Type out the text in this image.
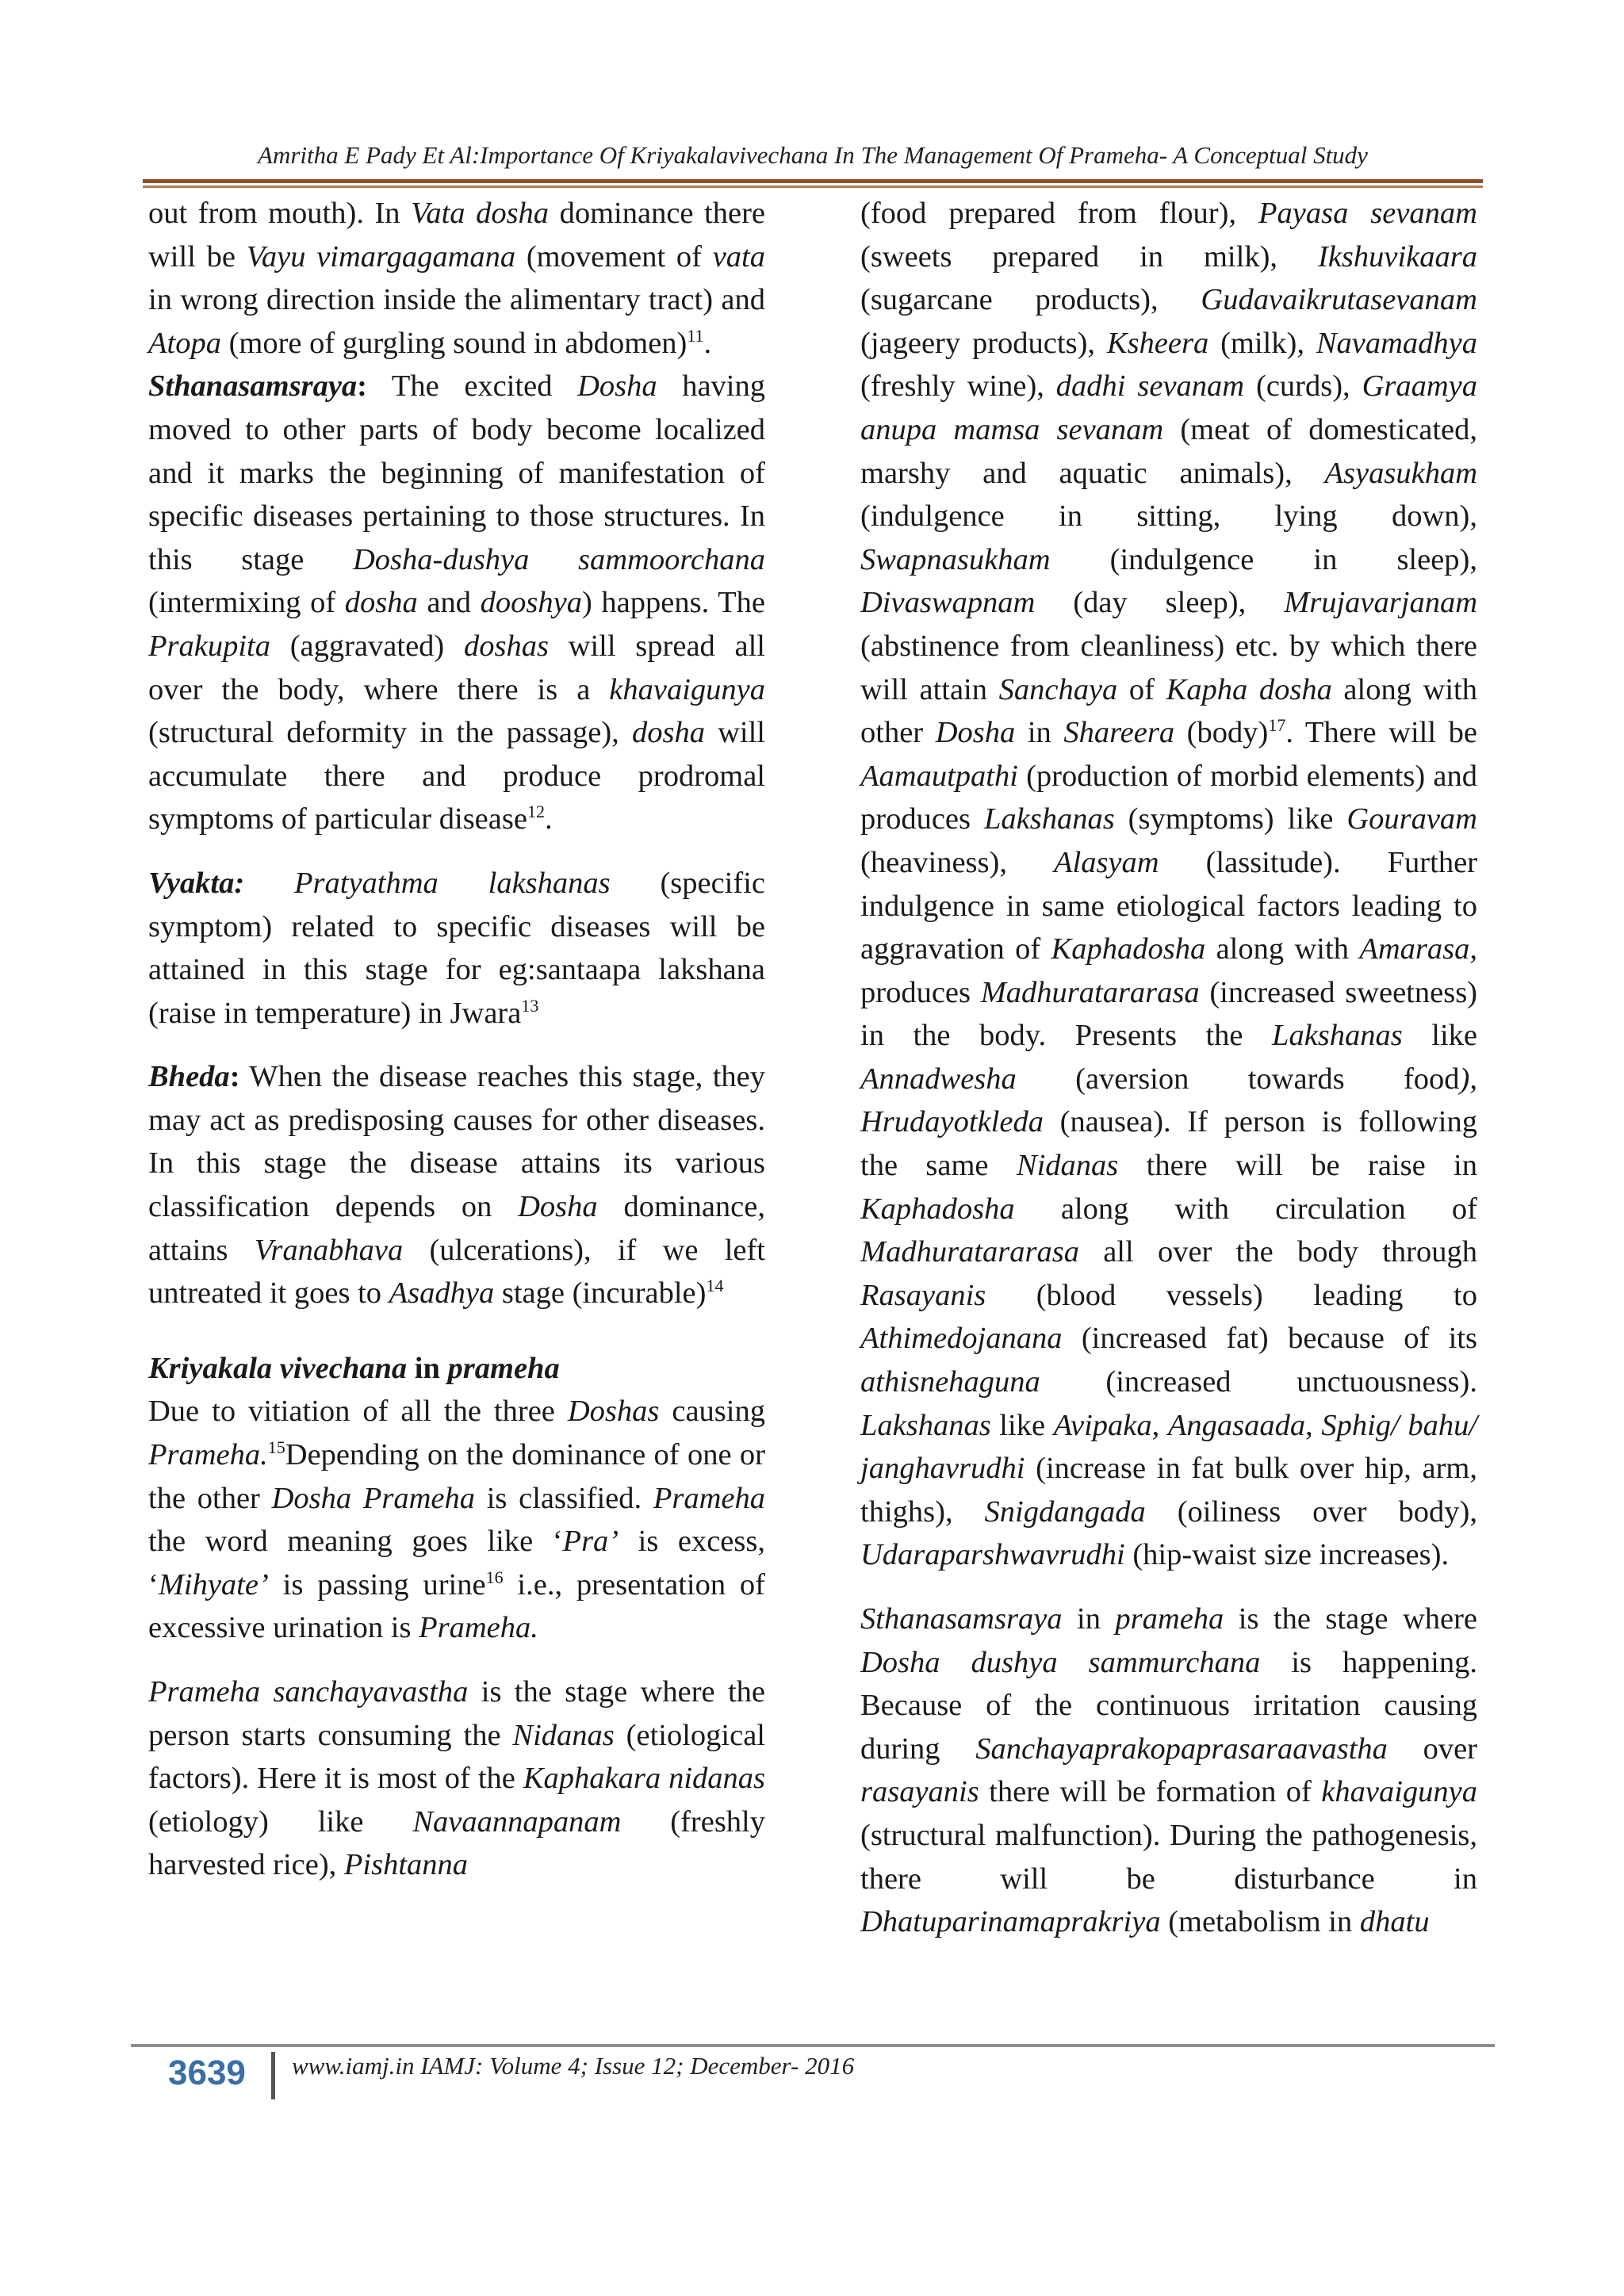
Amritha E Pady Et Al:Importance Of Kriyakalavivechana In The Management Of Prameha- A Conceptual Study

out from mouth). In Vata dosha dominance there will be Vayu vimargagamana (movement of vata in wrong direction inside the alimentary tract) and Atopa (more of gurgling sound in abdomen)$^{11}$.

Sthanasamsraya: The excited Dosha having moved to other parts of body become localized and it marks the beginning of manifestation of specific diseases pertaining to those structures. In this stage Dosha-dushya sammoorchana (intermixing of dosha and dooshya) happens. The Prakupita (aggravated) doshas will spread all over the body, where there is a khavaigunya (structural deformity in the passage), dosha will accumulate there and produce prodromal symptoms of particular disease$^{12}$.

Vyakta: Pratyathma lakshanas (specific symptom) related to specific diseases will be attained in this stage for eg:santaapa lakshana (raise in temperature) in Jwara$^{13}$

Bheda: When the disease reaches this stage, they may act as predisposing causes for other diseases. In this stage the disease attains its various classification depends on Dosha dominance, attains Vranabhava (ulcerations), if we left untreated it goes to Asadhya stage (incurable)$^{14}$

Kriyakala vivechana in prameha

Due to vitiation of all the three Doshas causing Prameha.$^{15}$Depending on the dominance of one or the other Dosha Prameha is classified. Prameha the word meaning goes like ‘Pra’ is excess, ‘Mihyate’ is passing urine$^{16}$ i.e., presentation of excessive urination is Prameha.

Prameha sanchayavastha is the stage where the person starts consuming the Nidanas (etiological factors). Here it is most of the Kaphakara nidanas (etiology) like Navaannapanam (freshly harvested rice), Pishtanna

(food prepared from flour), Payasa sevanam (sweets prepared in milk), Ikshuvikaara (sugarcane products), Gudavaikrutasevanam (jageery products), Ksheera (milk), Navamadhya (freshly wine), dadhi sevanam (curds), Graamya anupa mamsa sevanam (meat of domesticated, marshy and aquatic animals), Asyasukham (indulgence in sitting, lying down), Swapnasukham (indulgence in sleep), Divaswapnam (day sleep), Mrujavarjanam (abstinence from cleanliness) etc. by which there will attain Sanchaya of Kapha dosha along with other Dosha in Shareera (body)$^{17}$. There will be Aamautpathi (production of morbid elements) and produces Lakshanas (symptoms) like Gouravam (heaviness), Alasyam (lassitude). Further indulgence in same etiological factors leading to aggravation of Kaphadosha along with Amarasa, produces Madhuratararasa (increased sweetness) in the body. Presents the Lakshanas like Annadwesha (aversion towards food), Hrudayotkleda (nausea). If person is following the same Nidanas there will be raise in Kaphadosha along with circulation of Madhuratararasa all over the body through Rasayanis (blood vessels) leading to Athimedojanana (increased fat) because of its athisnehaguna (increased unctuousness). Lakshanas like Avipaka, Angasaada, Sphig/ bahu/ janghavrudhi (increase in fat bulk over hip, arm, thighs), Snigdangada (oiliness over body), Udaraparshwavrudhi (hip-waist size increases).

Sthanasamsraya in prameha is the stage where Dosha dushya sammurchana is happening. Because of the continuous irritation causing during Sanchayaprakopaprasaraavastha over rasayanis there will be formation of khavaigunya (structural malfunction). During the pathogenesis, there will be disturbance in Dhatuparinamaprakriya (metabolism in dhatu

3639 www.iamj.in IAMJ: Volume 4; Issue 12; December- 2016
